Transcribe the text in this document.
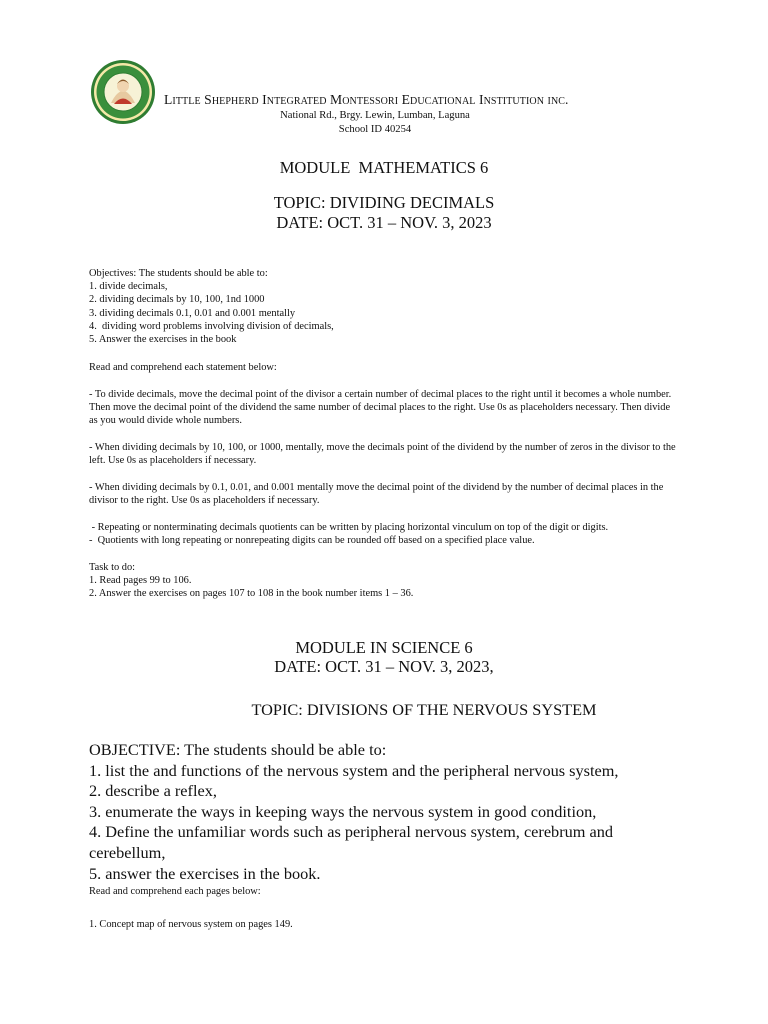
Little Shepherd Integrated Montessori Educational Institution inc.
National Rd., Brgy. Lewin, Lumban, Laguna
School ID 40254
MODULE  MATHEMATICS 6
TOPIC: DIVIDING DECIMALS
DATE: OCT. 31 – NOV. 3, 2023

Objectives: The students should be able to:

1. divide decimals,

2. dividing decimals by 10, 100, 1nd 1000

3. dividing decimals 0.1, 0.01 and 0.001 mentally

4.  dividing word problems involving division of decimals,

5. Answer the exercises in the book

Read and comprehend each statement below:
- To divide decimals, move the decimal point of the divisor a certain number of decimal places to the right until it becomes a whole number. Then move the decimal point of the dividend the same number of decimal places to the right. Use 0s as placeholders necessary. Then divide as you would divide whole numbers.
- When dividing decimals by 10, 100, or 1000, mentally, move the decimals point of the dividend by the number of zeros in the divisor to the left. Use 0s as placeholders if necessary.
- When dividing decimals by 0.1, 0.01, and 0.001 mentally move the decimal point of the dividend by the number of decimal places in the divisor to the right. Use 0s as placeholders if necessary.

- Repeating or nonterminating decimals quotients can be written by placing horizontal vinculum on top of the digit or digits.

-  Quotients with long repeating or nonrepeating digits can be rounded off based on a specified place value.

Task to do:

1. Read pages 99 to 106.

2. Answer the exercises on pages 107 to 108 in the book number items 1 – 36.

MODULE IN SCIENCE 6
DATE: OCT. 31 – NOV. 3, 2023,
TOPIC: DIVISIONS OF THE NERVOUS SYSTEM

OBJECTIVE: The students should be able to:

1. list the and functions of the nervous system and the peripheral nervous system,

2. describe a reflex,

3. enumerate the ways in keeping ways the nervous system in good condition,

4. Define the unfamiliar words such as peripheral nervous system, cerebrum and cerebellum,

5. answer the exercises in the book.

Read and comprehend each pages below:
1. Concept map of nervous system on pages 149.
